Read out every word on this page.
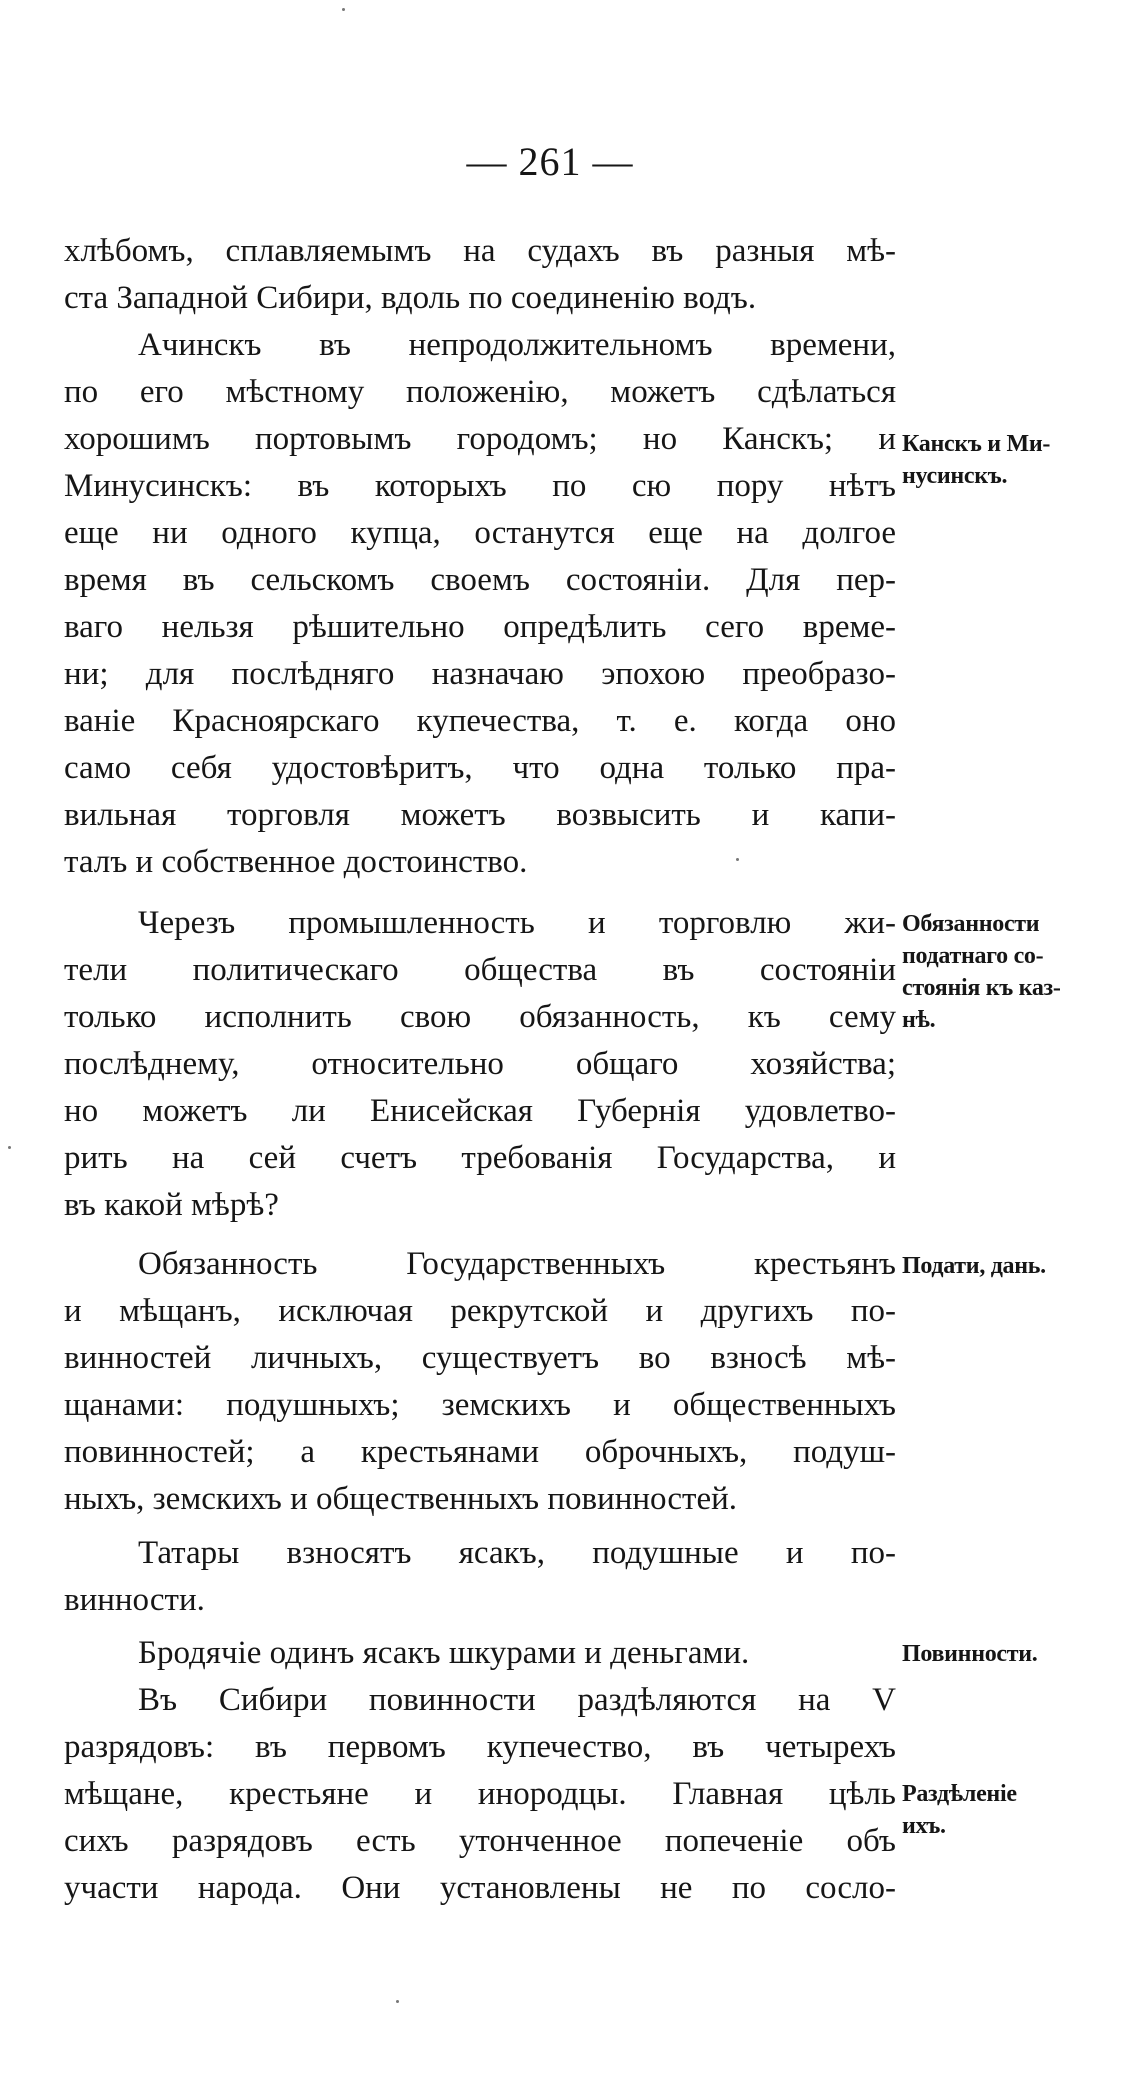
— 261 —
хлѣбомъ, сплавляемымъ на судахъ въ разныя мѣ-
ста Западной Сибири, вдоль по соединенію водъ.
Ачинскъ въ непродолжительномъ времени,
по его мѣстному положенію, можетъ сдѣлаться
хорошимъ портовымъ городомъ; но Канскъ; и
Минусинскъ: въ которыхъ по сю пору нѣтъ
еще ни одного купца, останутся еще на долгое
время въ сельскомъ своемъ состояніи. Для пер-
ваго нельзя рѣшительно опредѣлить сего време-
ни; для послѣдняго назначаю эпохою преобразо-
ваніе Красноярскаго купечества, т. е. когда оно
само себя удостовѣритъ, что одна только пра-
вильная торговля можетъ возвысить и капи-
талъ и собственное достоинство.
Черезъ промышленность и торговлю жи-
тели политическаго общества въ состояніи
только исполнить свою обязанность, къ сему
послѣднему, относительно общаго хозяйства;
но можетъ ли Енисейская Губернія удовлетво-
рить на сей счетъ требованія Государства, и
въ какой мѣрѣ?
Обязанность Государственныхъ крестьянъ
и мѣщанъ, исключая рекрутской и другихъ по-
винностей личныхъ, существуетъ во взносѣ мѣ-
щанами: подушныхъ; земскихъ и общественныхъ
повинностей; а крестьянами оброчныхъ, подуш-
ныхъ, земскихъ и общественныхъ повинностей.
Татары взносятъ ясакъ, подушные и по-
винности.
Бродячіе одинъ ясакъ шкурами и деньгами.
Въ Сибири повинности раздѣляются на V
разрядовъ: въ первомъ купечество, въ четырехъ
мѣщане, крестьяне и инородцы. Главная цѣль
сихъ разрядовъ есть утонченное попеченіе объ
участи народа. Они установлены не по сосло-
Канскъ и Ми-
нусинскъ.
Обязанности
податнаго со-
стоянія къ каз-
нѣ.
Подати, дань.
Повинности.
Раздѣленіе
ихъ.
